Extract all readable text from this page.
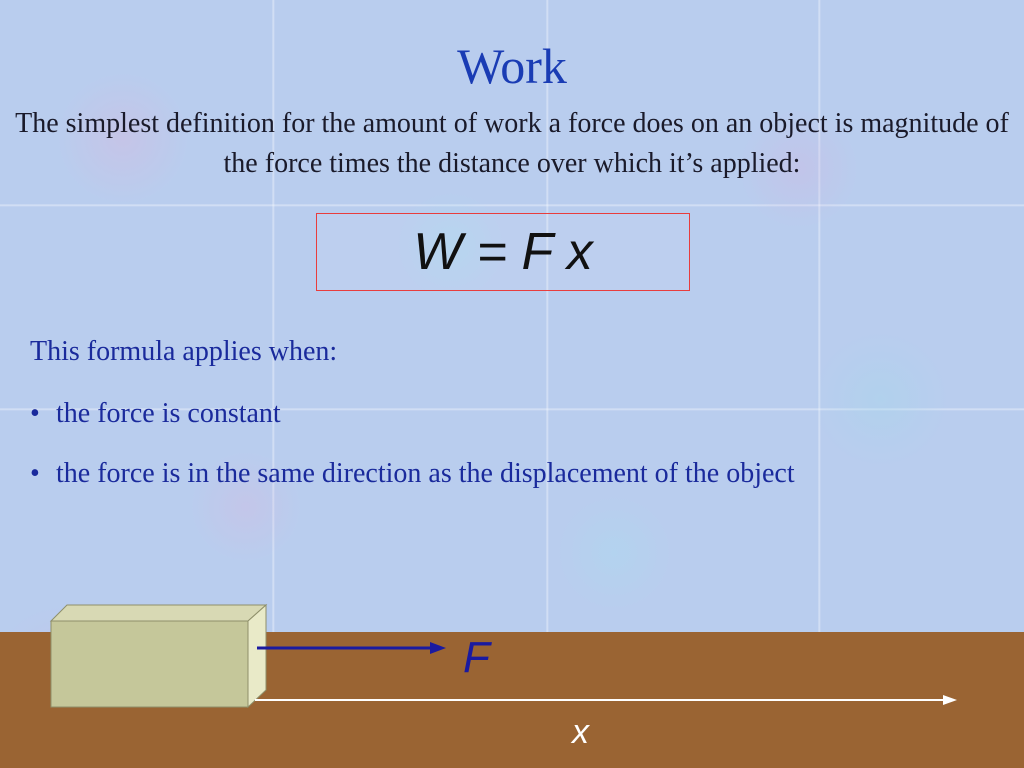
Work
The simplest definition for the amount of work a force does on an object is magnitude of the force times the distance over which it’s applied:
W = F x
This formula applies when:
• the force is constant
• the force is in the same direction as the displacement of the object
F
x
